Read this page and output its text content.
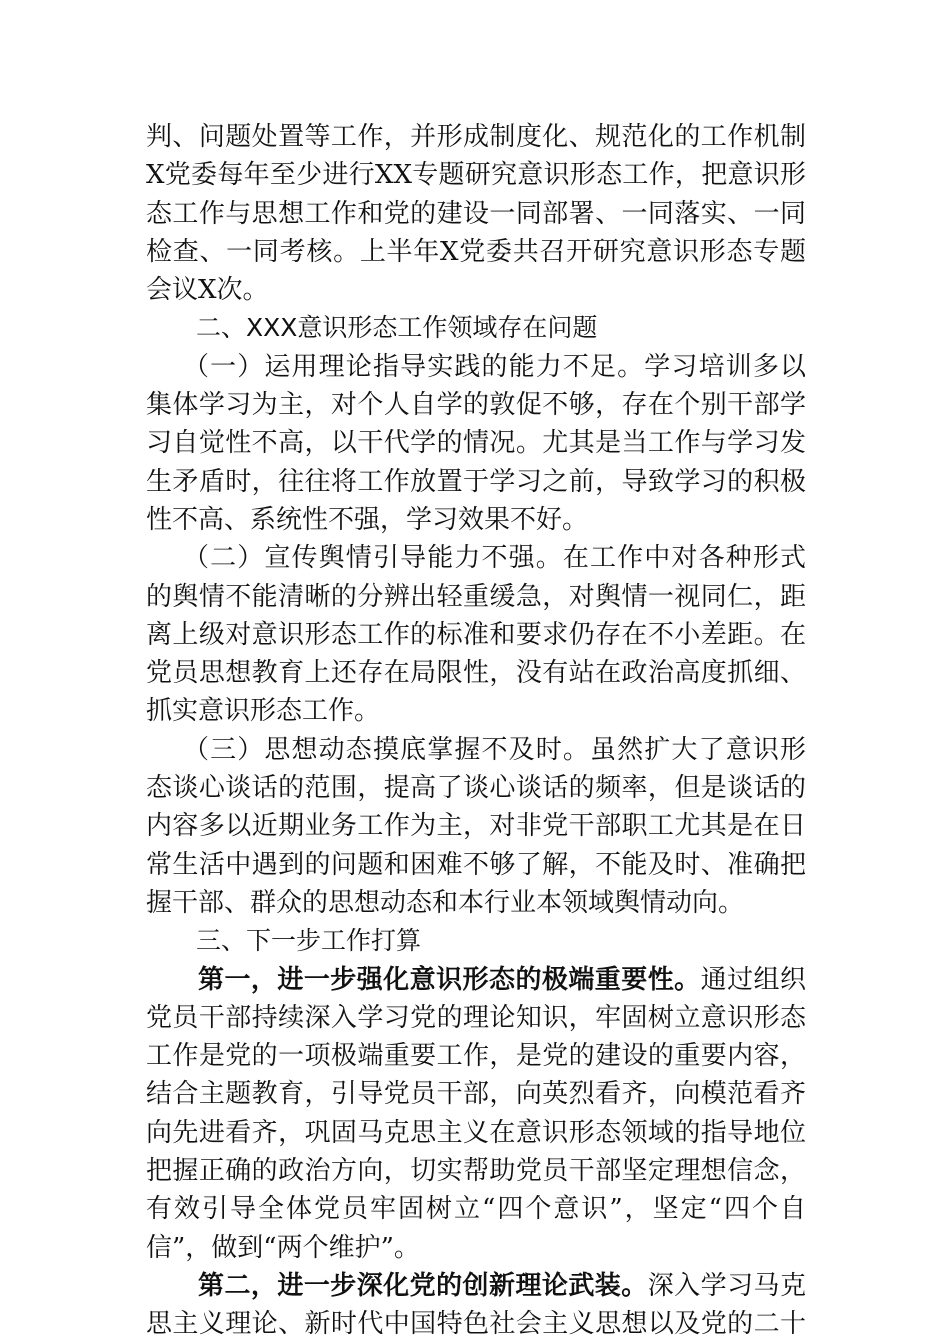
判、问题处置等工作，并形成制度化、规范化的工作机制
X党委每年至少进行XX专题研究意识形态工作，把意识形
态工作与思想工作和党的建设一同部署、一同落实、一同
检查、一同考核。上半年X党委共召开研究意识形态专题
会议X次。
二、XXX意识形态工作领域存在问题
（一）运用理论指导实践的能力不足。学习培训多以
集体学习为主，对个人自学的敦促不够，存在个别干部学
习自觉性不高，以干代学的情况。尤其是当工作与学习发
生矛盾时，往往将工作放置于学习之前，导致学习的积极
性不高、系统性不强，学习效果不好。
（二）宣传舆情引导能力不强。在工作中对各种形式
的舆情不能清晰的分辨出轻重缓急，对舆情一视同仁，距
离上级对意识形态工作的标准和要求仍存在不小差距。在
党员思想教育上还存在局限性，没有站在政治高度抓细、
抓实意识形态工作。
（三）思想动态摸底掌握不及时。虽然扩大了意识形
态谈心谈话的范围，提高了谈心谈话的频率，但是谈话的
内容多以近期业务工作为主，对非党干部职工尤其是在日
常生活中遇到的问题和困难不够了解，不能及时、准确把
握干部、群众的思想动态和本行业本领域舆情动向。
三、下一步工作打算
第一，进一步强化意识形态的极端重要性。通过组织
党员干部持续深入学习党的理论知识，牢固树立意识形态
工作是党的一项极端重要工作，是党的建设的重要内容，
结合主题教育，引导党员干部，向英烈看齐，向模范看齐
向先进看齐，巩固马克思主义在意识形态领域的指导地位
把握正确的政治方向，切实帮助党员干部坚定理想信念，
有效引导全体党员牢固树立“四个意识”，坚定“四个自
信”，做到“两个维护”。
第二，进一步深化党的创新理论武装。深入学习马克
思主义理论、新时代中国特色社会主义思想以及党的二十
